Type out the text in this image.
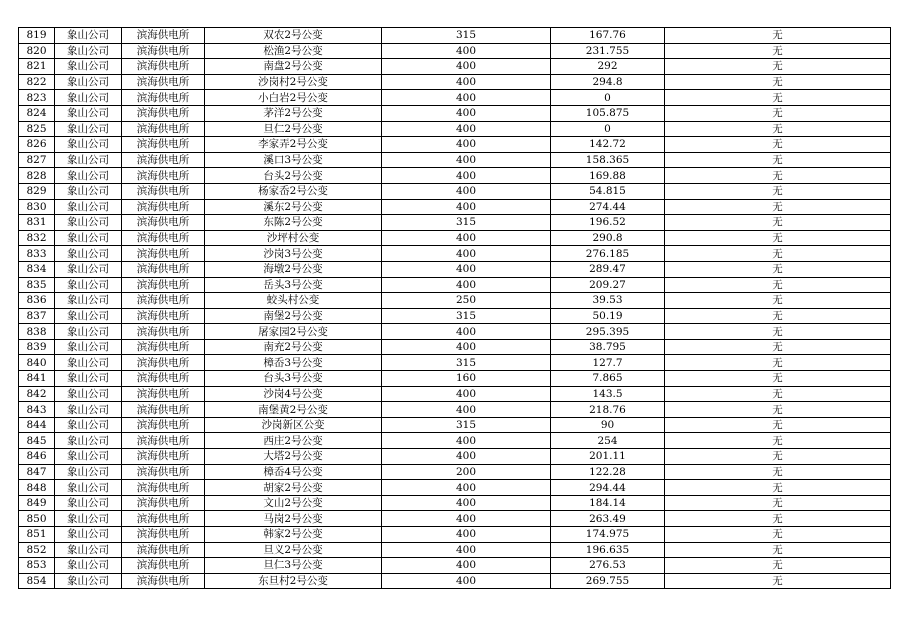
819	象山公司	滨海供电所	双农2号公变	315	167.76	无
820	象山公司	滨海供电所	松渔2号公变	400	231.755	无
821	象山公司	滨海供电所	南盘2号公变	400	292	无
822	象山公司	滨海供电所	沙岗村2号公变	400	294.8	无
823	象山公司	滨海供电所	小白岩2号公变	400	0	无
824	象山公司	滨海供电所	茅洋2号公变	400	105.875	无
825	象山公司	滨海供电所	旦仁2号公变	400	0	无
826	象山公司	滨海供电所	李家弄2号公变	400	142.72	无
827	象山公司	滨海供电所	溪口3号公变	400	158.365	无
828	象山公司	滨海供电所	台头2号公变	400	169.88	无
829	象山公司	滨海供电所	杨家岙2号公变	400	54.815	无
830	象山公司	滨海供电所	溪东2号公变	400	274.44	无
831	象山公司	滨海供电所	东陈2号公变	315	196.52	无
832	象山公司	滨海供电所	沙坪村公变	400	290.8	无
833	象山公司	滨海供电所	沙岗3号公变	400	276.185	无
834	象山公司	滨海供电所	海墩2号公变	400	289.47	无
835	象山公司	滨海供电所	岳头3号公变	400	209.27	无
836	象山公司	滨海供电所	蛟头村公变	250	39.53	无
837	象山公司	滨海供电所	南堡2号公变	315	50.19	无
838	象山公司	滨海供电所	屠家园2号公变	400	295.395	无
839	象山公司	滨海供电所	南充2号公变	400	38.795	无
840	象山公司	滨海供电所	樟岙3号公变	315	127.7	无
841	象山公司	滨海供电所	台头3号公变	160	7.865	无
842	象山公司	滨海供电所	沙岗4号公变	400	143.5	无
843	象山公司	滨海供电所	南堡黄2号公变	400	218.76	无
844	象山公司	滨海供电所	沙岗新区公变	315	90	无
845	象山公司	滨海供电所	西庄2号公变	400	254	无
846	象山公司	滨海供电所	大塔2号公变	400	201.11	无
847	象山公司	滨海供电所	樟岙4号公变	200	122.28	无
848	象山公司	滨海供电所	胡家2号公变	400	294.44	无
849	象山公司	滨海供电所	文山2号公变	400	184.14	无
850	象山公司	滨海供电所	马岗2号公变	400	263.49	无
851	象山公司	滨海供电所	韩家2号公变	400	174.975	无
852	象山公司	滨海供电所	旦义2号公变	400	196.635	无
853	象山公司	滨海供电所	旦仁3号公变	400	276.53	无
854	象山公司	滨海供电所	东旦村2号公变	400	269.755	无
